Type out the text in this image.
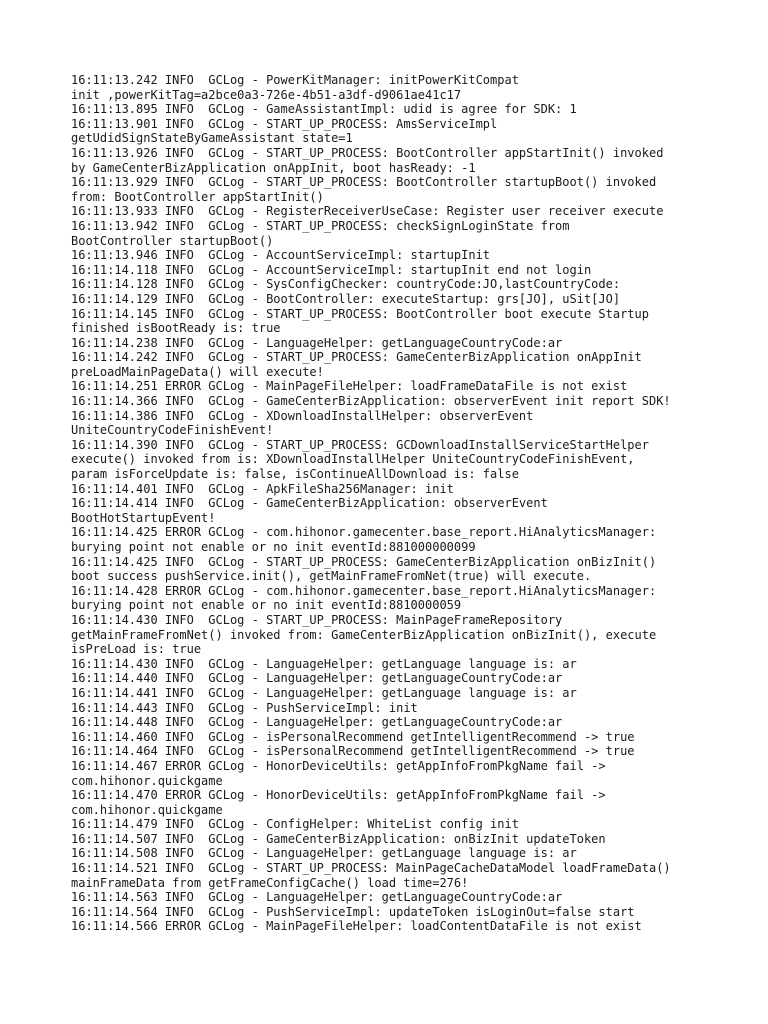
16:11:13.242 INFO  GCLog - PowerKitManager: initPowerKitCompat
init ,powerKitTag=a2bce0a3-726e-4b51-a3df-d9061ae41c17
16:11:13.895 INFO  GCLog - GameAssistantImpl: udid is agree for SDK: 1
16:11:13.901 INFO  GCLog - START_UP_PROCESS: AmsServiceImpl
getUdidSignStateByGameAssistant state=1
16:11:13.926 INFO  GCLog - START_UP_PROCESS: BootController appStartInit() invoked
by GameCenterBizApplication onAppInit, boot hasReady: -1
16:11:13.929 INFO  GCLog - START_UP_PROCESS: BootController startupBoot() invoked
from: BootController appStartInit()
16:11:13.933 INFO  GCLog - RegisterReceiverUseCase: Register user receiver execute
16:11:13.942 INFO  GCLog - START_UP_PROCESS: checkSignLoginState from
BootController startupBoot()
16:11:13.946 INFO  GCLog - AccountServiceImpl: startupInit
16:11:14.118 INFO  GCLog - AccountServiceImpl: startupInit end not login
16:11:14.128 INFO  GCLog - SysConfigChecker: countryCode:JO,lastCountryCode:
16:11:14.129 INFO  GCLog - BootController: executeStartup: grs[JO], uSit[JO]
16:11:14.145 INFO  GCLog - START_UP_PROCESS: BootController boot execute Startup
finished isBootReady is: true
16:11:14.238 INFO  GCLog - LanguageHelper: getLanguageCountryCode:ar
16:11:14.242 INFO  GCLog - START_UP_PROCESS: GameCenterBizApplication onAppInit
preLoadMainPageData() will execute!
16:11:14.251 ERROR GCLog - MainPageFileHelper: loadFrameDataFile is not exist
16:11:14.366 INFO  GCLog - GameCenterBizApplication: observerEvent init report SDK!
16:11:14.386 INFO  GCLog - XDownloadInstallHelper: observerEvent
UniteCountryCodeFinishEvent!
16:11:14.390 INFO  GCLog - START_UP_PROCESS: GCDownloadInstallServiceStartHelper
execute() invoked from is: XDownloadInstallHelper UniteCountryCodeFinishEvent,
param isForceUpdate is: false, isContinueAllDownload is: false
16:11:14.401 INFO  GCLog - ApkFileSha256Manager: init
16:11:14.414 INFO  GCLog - GameCenterBizApplication: observerEvent
BootHotStartupEvent!
16:11:14.425 ERROR GCLog - com.hihonor.gamecenter.base_report.HiAnalyticsManager:
burying point not enable or no init eventId:881000000099
16:11:14.425 INFO  GCLog - START_UP_PROCESS: GameCenterBizApplication onBizInit()
boot success pushService.init(), getMainFrameFromNet(true) will execute.
16:11:14.428 ERROR GCLog - com.hihonor.gamecenter.base_report.HiAnalyticsManager:
burying point not enable or no init eventId:8810000059
16:11:14.430 INFO  GCLog - START_UP_PROCESS: MainPageFrameRepository
getMainFrameFromNet() invoked from: GameCenterBizApplication onBizInit(), execute
isPreLoad is: true
16:11:14.430 INFO  GCLog - LanguageHelper: getLanguage language is: ar
16:11:14.440 INFO  GCLog - LanguageHelper: getLanguageCountryCode:ar
16:11:14.441 INFO  GCLog - LanguageHelper: getLanguage language is: ar
16:11:14.443 INFO  GCLog - PushServiceImpl: init
16:11:14.448 INFO  GCLog - LanguageHelper: getLanguageCountryCode:ar
16:11:14.460 INFO  GCLog - isPersonalRecommend getIntelligentRecommend -> true
16:11:14.464 INFO  GCLog - isPersonalRecommend getIntelligentRecommend -> true
16:11:14.467 ERROR GCLog - HonorDeviceUtils: getAppInfoFromPkgName fail ->
com.hihonor.quickgame
16:11:14.470 ERROR GCLog - HonorDeviceUtils: getAppInfoFromPkgName fail ->
com.hihonor.quickgame
16:11:14.479 INFO  GCLog - ConfigHelper: WhiteList config init
16:11:14.507 INFO  GCLog - GameCenterBizApplication: onBizInit updateToken
16:11:14.508 INFO  GCLog - LanguageHelper: getLanguage language is: ar
16:11:14.521 INFO  GCLog - START_UP_PROCESS: MainPageCacheDataModel loadFrameData()
mainFrameData from getFrameConfigCache() load time=276!
16:11:14.563 INFO  GCLog - LanguageHelper: getLanguageCountryCode:ar
16:11:14.564 INFO  GCLog - PushServiceImpl: updateToken isLoginOut=false start
16:11:14.566 ERROR GCLog - MainPageFileHelper: loadContentDataFile is not exist
